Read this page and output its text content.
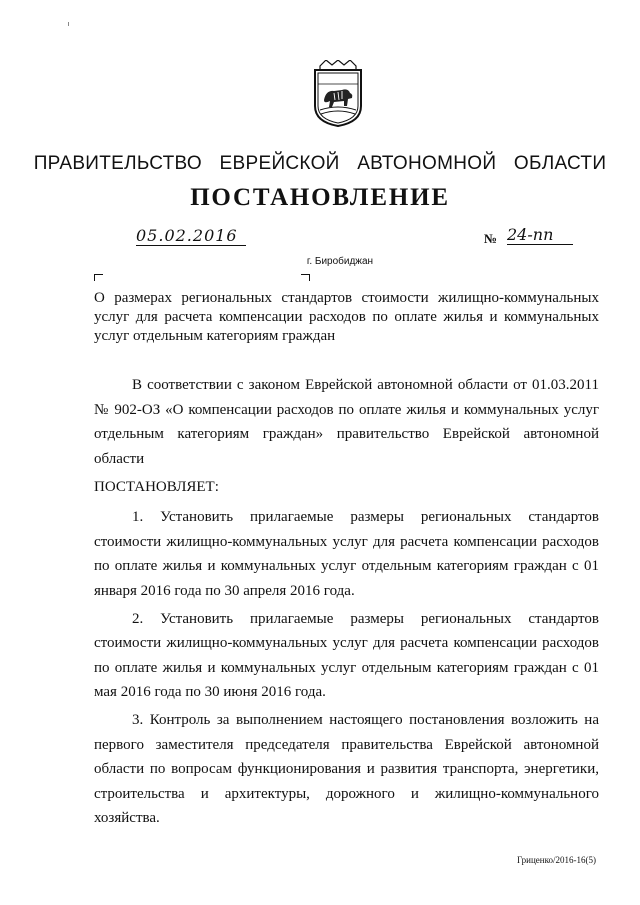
ПРАВИТЕЛЬСТВО ЕВРЕЙСКОЙ АВТОНОМНОЙ ОБЛАСТИ
ПОСТАНОВЛЕНИЕ
05.02.2016	№ 24-пп
г. Биробиджан
О размерах региональных стандартов стоимости жилищно-коммунальных услуг для расчета компенсации расходов по оплате жилья и коммунальных услуг отдельным категориям граждан

В соответствии с законом Еврейской автономной области от 01.03.2011 № 902-ОЗ «О компенсации расходов по оплате жилья и коммунальных услуг отдельным категориям граждан» правительство Еврейской автономной области

ПОСТАНОВЛЯЕТ:

1. Установить прилагаемые размеры региональных стандартов стоимости жилищно-коммунальных услуг для расчета компенсации расходов по оплате жилья и коммунальных услуг отдельным категориям граждан с 01 января 2016 года по 30 апреля 2016 года.

2. Установить прилагаемые размеры региональных стандартов стоимости жилищно-коммунальных услуг для расчета компенсации расходов по оплате жилья и коммунальных услуг отдельным категориям граждан с 01 мая 2016 года по 30 июня 2016 года.

3. Контроль за выполнением настоящего постановления возложить на первого заместителя председателя правительства Еврейской автономной области по вопросам функционирования и развития транспорта, энергетики, строительства и архитектуры, дорожного и жилищно-коммунального хозяйства.

Гриценко/2016-16(5)
